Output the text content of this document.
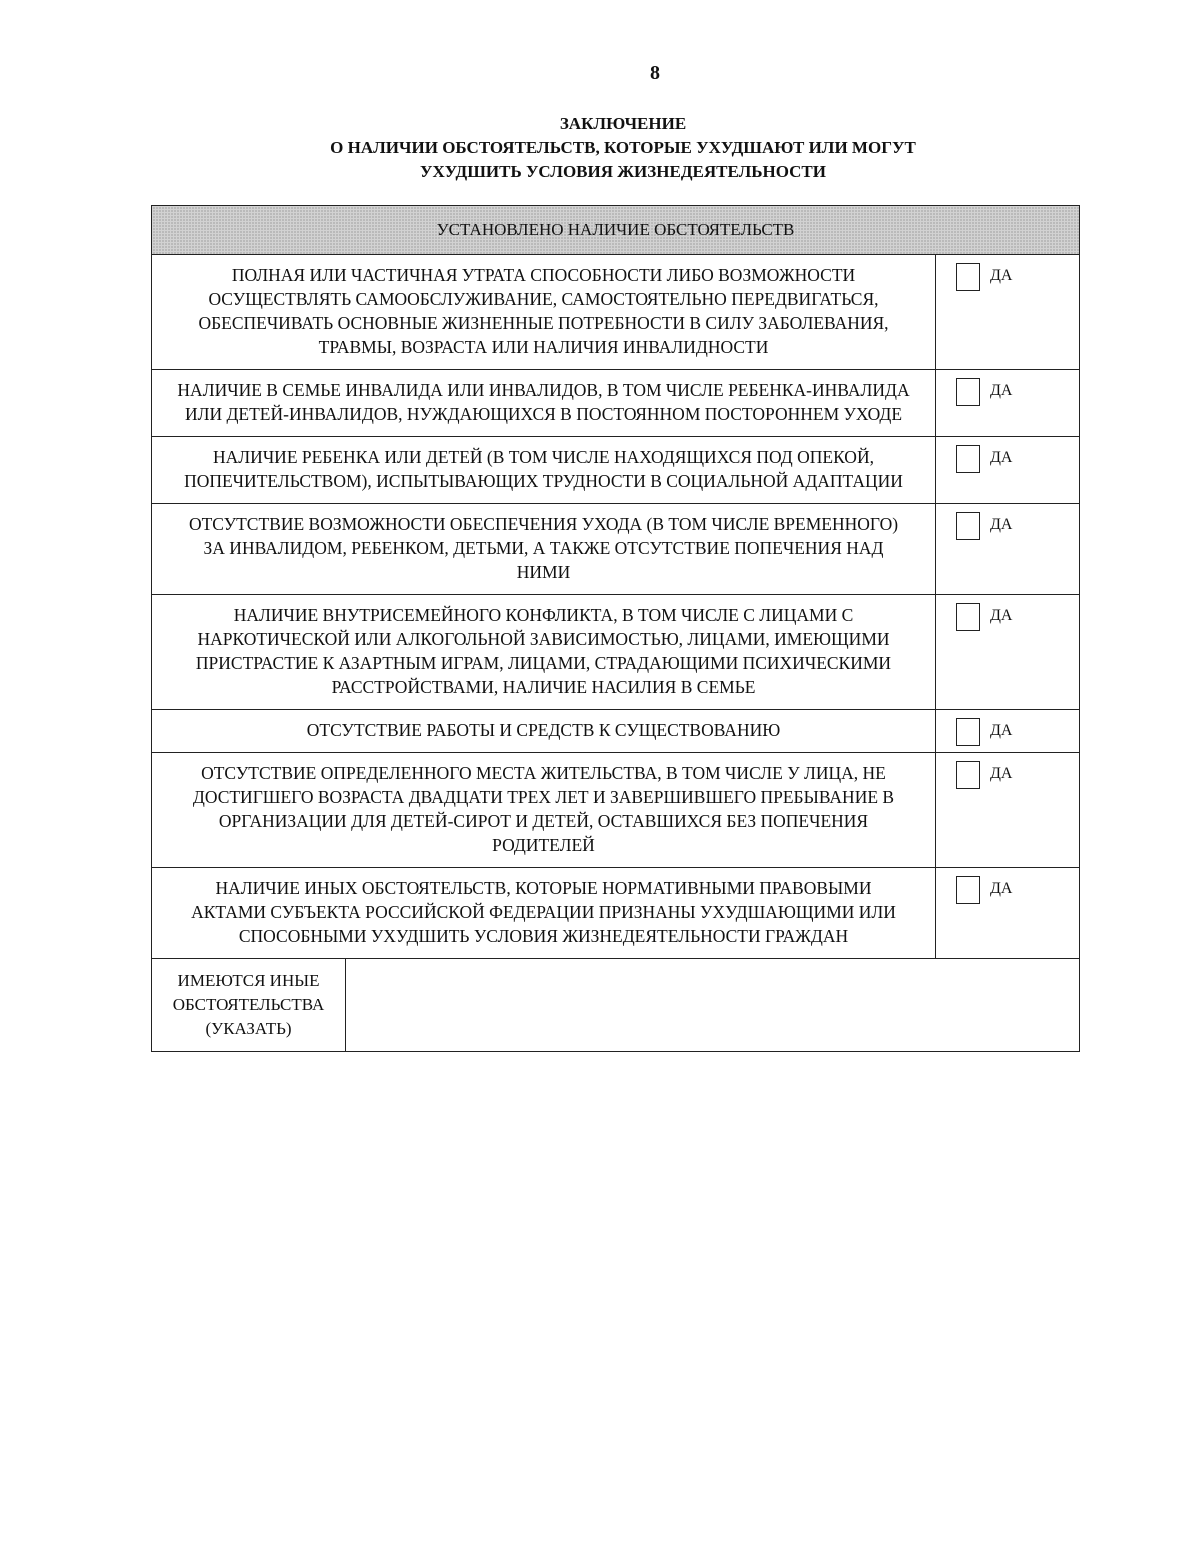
8
ЗАКЛЮЧЕНИЕ
О НАЛИЧИИ ОБСТОЯТЕЛЬСТВ, КОТОРЫЕ УХУДШАЮТ ИЛИ МОГУТ
УХУДШИТЬ УСЛОВИЯ ЖИЗНЕДЕЯТЕЛЬНОСТИ
УСТАНОВЛЕНО НАЛИЧИЕ ОБСТОЯТЕЛЬСТВ		

ПОЛНАЯ ИЛИ ЧАСТИЧНАЯ УТРАТА СПОСОБНОСТИ ЛИБО ВОЗМОЖНОСТИ
ОСУЩЕСТВЛЯТЬ САМООБСЛУЖИВАНИЕ, САМОСТОЯТЕЛЬНО ПЕРЕДВИГАТЬСЯ,
ОБЕСПЕЧИВАТЬ ОСНОВНЫЕ ЖИЗНЕННЫЕ ПОТРЕБНОСТИ В СИЛУ ЗАБОЛЕВАНИЯ,
ТРАВМЫ, ВОЗРАСТА ИЛИ НАЛИЧИЯ ИНВАЛИДНОСТИ		ДА

НАЛИЧИЕ В СЕМЬЕ ИНВАЛИДА ИЛИ ИНВАЛИДОВ, В ТОМ ЧИСЛЕ РЕБЕНКА-ИНВАЛИДА
ИЛИ ДЕТЕЙ-ИНВАЛИДОВ, НУЖДАЮЩИХСЯ В ПОСТОЯННОМ ПОСТОРОННЕМ УХОДЕ		ДА

НАЛИЧИЕ РЕБЕНКА ИЛИ ДЕТЕЙ (В ТОМ ЧИСЛЕ НАХОДЯЩИХСЯ ПОД ОПЕКОЙ,
ПОПЕЧИТЕЛЬСТВОМ), ИСПЫТЫВАЮЩИХ ТРУДНОСТИ В СОЦИАЛЬНОЙ АДАПТАЦИИ		ДА

ОТСУТСТВИЕ ВОЗМОЖНОСТИ ОБЕСПЕЧЕНИЯ УХОДА (В ТОМ ЧИСЛЕ ВРЕМЕННОГО)
ЗА ИНВАЛИДОМ, РЕБЕНКОМ, ДЕТЬМИ, А ТАКЖЕ ОТСУТСТВИЕ ПОПЕЧЕНИЯ НАД
НИМИ		ДА

НАЛИЧИЕ ВНУТРИСЕМЕЙНОГО КОНФЛИКТА, В ТОМ ЧИСЛЕ С ЛИЦАМИ С
НАРКОТИЧЕСКОЙ ИЛИ АЛКОГОЛЬНОЙ ЗАВИСИМОСТЬЮ, ЛИЦАМИ, ИМЕЮЩИМИ
ПРИСТРАСТИЕ К АЗАРТНЫМ ИГРАМ, ЛИЦАМИ, СТРАДАЮЩИМИ ПСИХИЧЕСКИМИ
РАССТРОЙСТВАМИ, НАЛИЧИЕ НАСИЛИЯ В СЕМЬЕ		ДА

ОТСУТСТВИЕ РАБОТЫ И СРЕДСТВ К СУЩЕСТВОВАНИЮ		ДА

ОТСУТСТВИЕ ОПРЕДЕЛЕННОГО МЕСТА ЖИТЕЛЬСТВА, В ТОМ ЧИСЛЕ У ЛИЦА, НЕ
ДОСТИГШЕГО ВОЗРАСТА ДВАДЦАТИ ТРЕХ ЛЕТ И ЗАВЕРШИВШЕГО ПРЕБЫВАНИЕ В
ОРГАНИЗАЦИИ ДЛЯ ДЕТЕЙ-СИРОТ И ДЕТЕЙ, ОСТАВШИХСЯ БЕЗ ПОПЕЧЕНИЯ
РОДИТЕЛЕЙ		ДА

НАЛИЧИЕ ИНЫХ ОБСТОЯТЕЛЬСТВ, КОТОРЫЕ НОРМАТИВНЫМИ ПРАВОВЫМИ
АКТАМИ СУБЪЕКТА РОССИЙСКОЙ ФЕДЕРАЦИИ ПРИЗНАНЫ УХУДШАЮЩИМИ ИЛИ
СПОСОБНЫМИ УХУДШИТЬ УСЛОВИЯ ЖИЗНЕДЕЯТЕЛЬНОСТИ ГРАЖДАН		ДА

ИМЕЮТСЯ ИНЫЕ
ОБСТОЯТЕЛЬСТВА
(УКАЗАТЬ)		
